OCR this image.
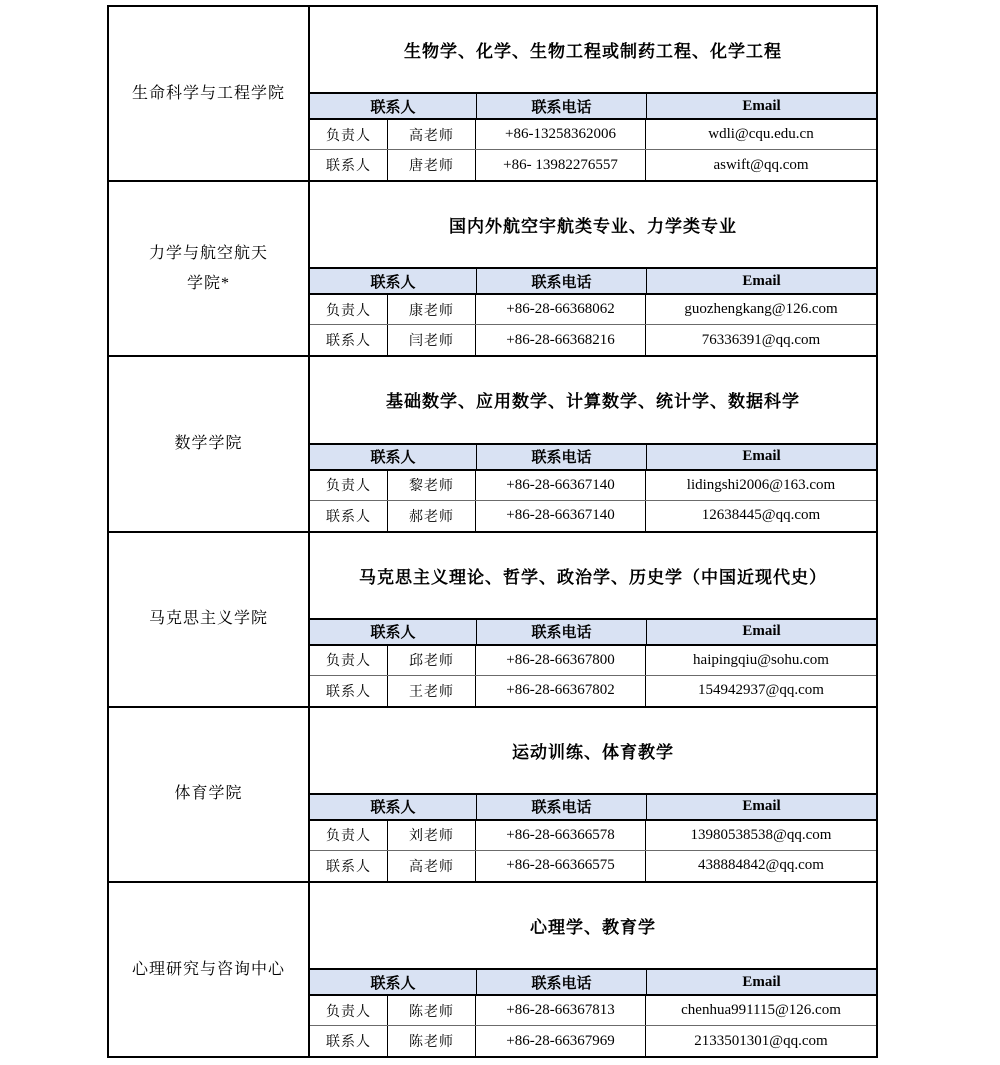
生命科学与工程学院
生物学、化学、生物工程或制药工程、化学工程
联系人	联系电话	Email
负责人	高老师	+86-13258362006	wdli@cqu.edu.cn
联系人	唐老师	+86- 13982276557	aswift@qq.com
力学与航空航天
学院*
国内外航空宇航类专业、力学类专业
联系人	联系电话	Email
负责人	康老师	+86-28-66368062	guozhengkang@126.com
联系人	闫老师	+86-28-66368216	76336391@qq.com
数学学院
基础数学、应用数学、计算数学、统计学、数据科学
联系人	联系电话	Email
负责人	黎老师	+86-28-66367140	lidingshi2006@163.com
联系人	郝老师	+86-28-66367140	12638445@qq.com
马克思主义学院
马克思主义理论、哲学、政治学、历史学（中国近现代史）
联系人	联系电话	Email
负责人	邱老师	+86-28-66367800	haipingqiu@sohu.com
联系人	王老师	+86-28-66367802	154942937@qq.com
体育学院
运动训练、体育教学
联系人	联系电话	Email
负责人	刘老师	+86-28-66366578	13980538538@qq.com
联系人	高老师	+86-28-66366575	438884842@qq.com
心理研究与咨询中心
心理学、教育学
联系人	联系电话	Email
负责人	陈老师	+86-28-66367813	chenhua991115@126.com
联系人	陈老师	+86-28-66367969	2133501301@qq.com
